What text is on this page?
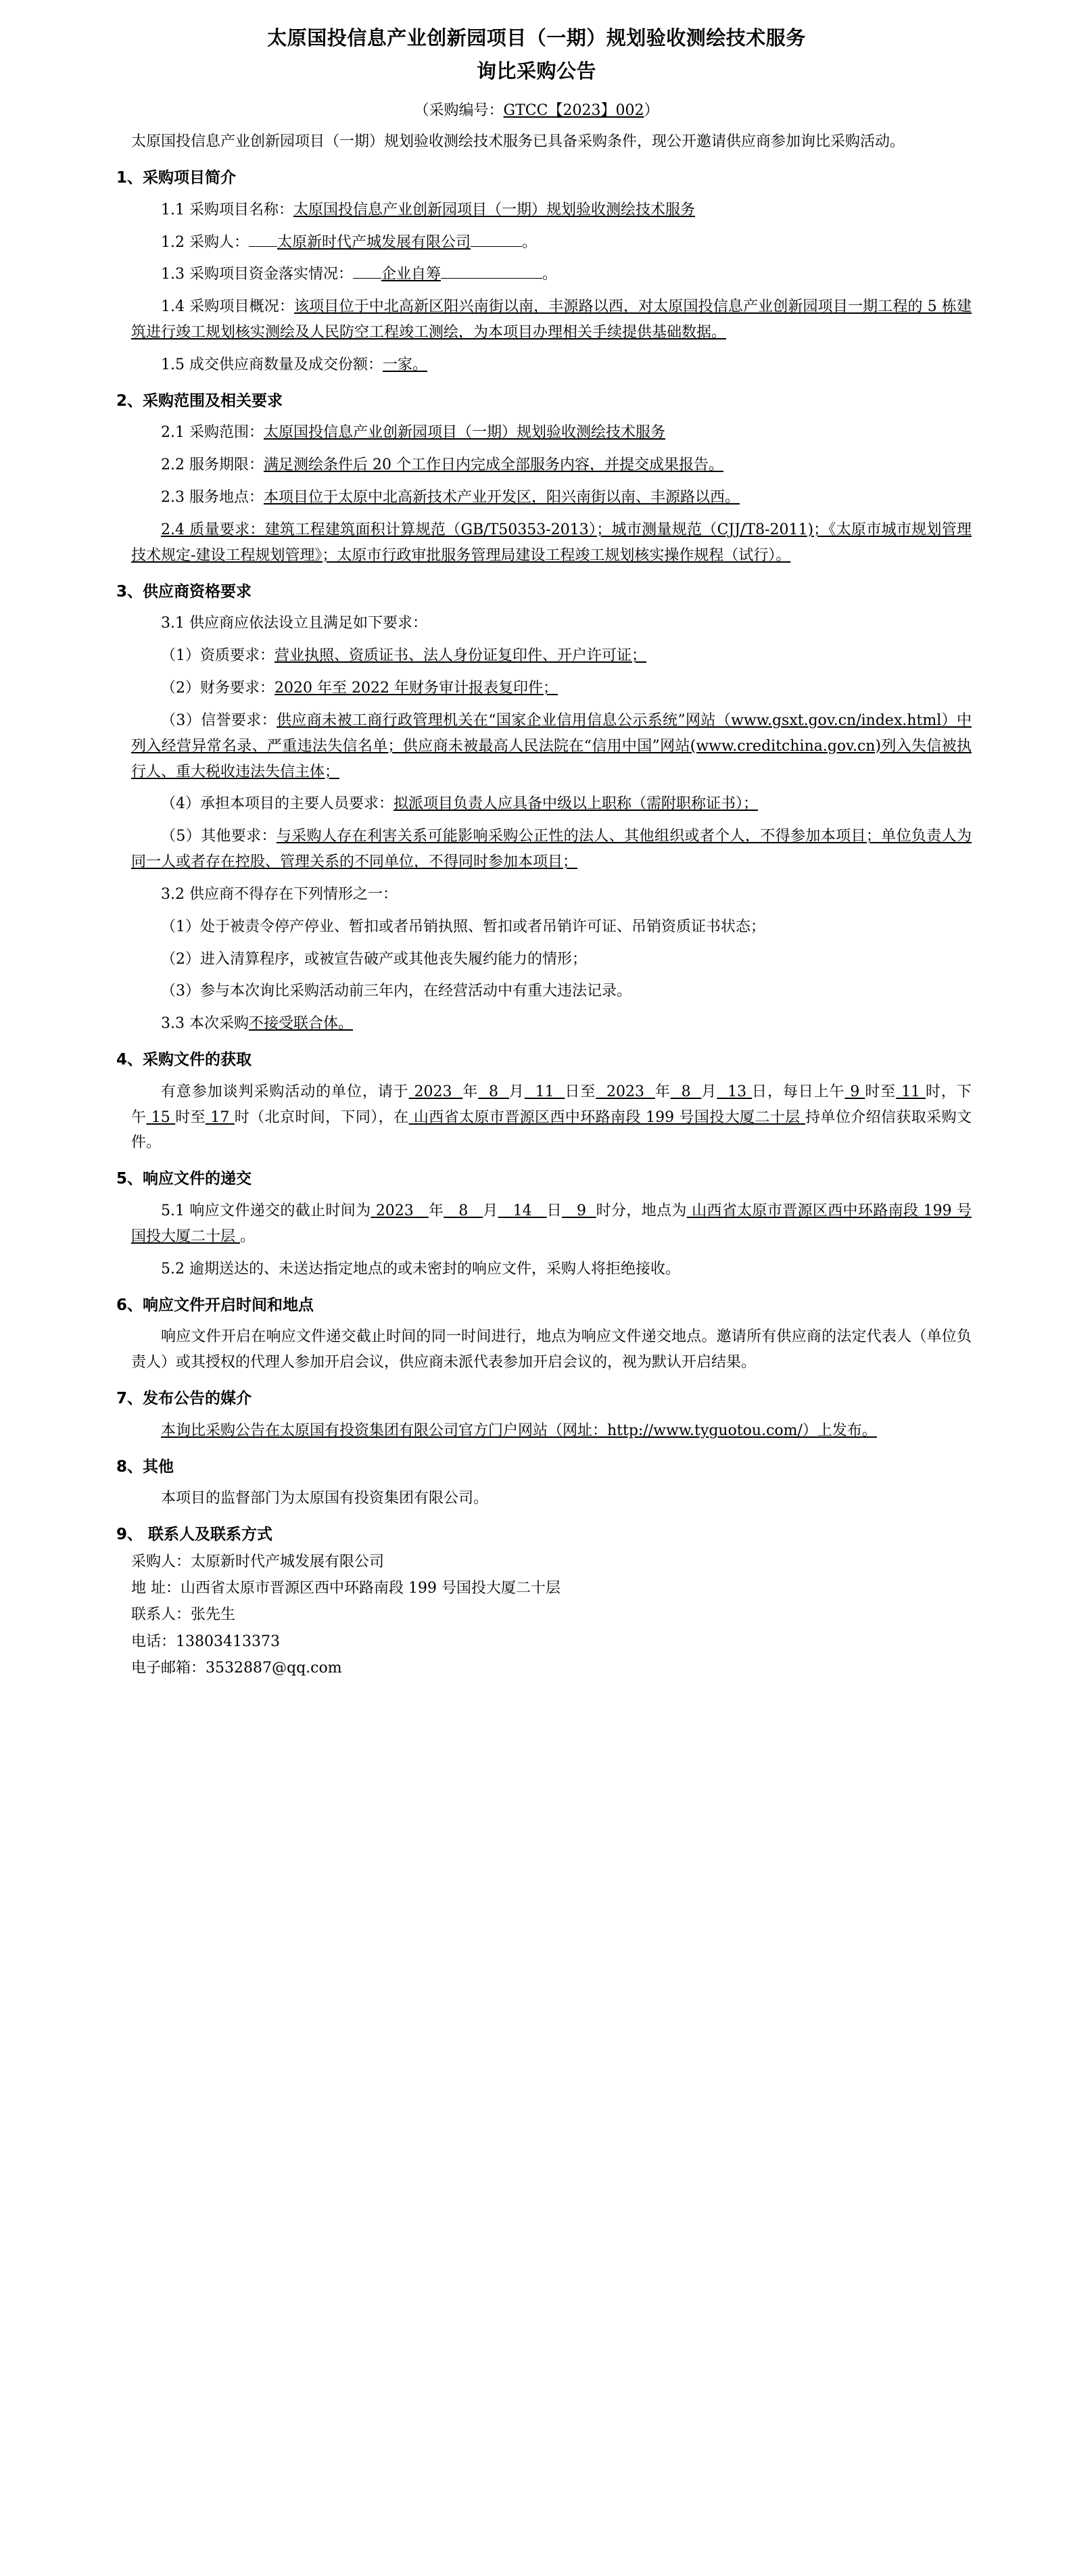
太原国投信息产业创新园项目（一期）规划验收测绘技术服务
询比采购公告
（采购编号：GTCC【2023】002）

太原国投信息产业创新园项目（一期）规划验收测绘技术服务已具备采购条件，现公开邀请供应商参加询比采购活动。

1、采购项目简介

1.1 采购项目名称：太原国投信息产业创新园项目（一期）规划验收测绘技术服务

1.2 采购人： 太原新时代产城发展有限公司	。

1.3 采购项目资金落实情况： 企业自筹	。

1.4 采购项目概况：该项目位于中北高新区阳兴南街以南，丰源路以西，对太原国投信息产业创新园项目一期工程的 5 栋建筑进行竣工规划核实测绘及人民防空工程竣工测绘，为本项目办理相关手续提供基础数据。

1.5 成交供应商数量及成交份额：一家。

2、采购范围及相关要求

2.1 采购范围：太原国投信息产业创新园项目（一期）规划验收测绘技术服务

2.2 服务期限：满足测绘条件后 20 个工作日内完成全部服务内容，并提交成果报告。

2.3 服务地点：本项目位于太原中北高新技术产业开发区，阳兴南街以南、丰源路以西。

2.4 质量要求：建筑工程建筑面积计算规范（GB/T50353-2013）；城市测量规范（CJJ/T8-2011)；《太原市城市规划管理技术规定-建设工程规划管理》；太原市行政审批服务管理局建设工程竣工规划核实操作规程（试行）。

3、供应商资格要求

3.1 供应商应依法设立且满足如下要求：

（1）资质要求：营业执照、资质证书、法人身份证复印件、开户许可证；

（2）财务要求：2020 年至 2022 年财务审计报表复印件；

（3）信誉要求：供应商未被工商行政管理机关在“国家企业信用信息公示系统”网站（www.gsxt.gov.cn/index.html）中列入经营异常名录、严重违法失信名单；供应商未被最高人民法院在“信用中国”网站(www.creditchina.gov.cn)列入失信被执行人、重大税收违法失信主体；

（4）承担本项目的主要人员要求：拟派项目负责人应具备中级以上职称（需附职称证书）；

（5）其他要求：与采购人存在利害关系可能影响采购公正性的法人、其他组织或者个人，不得参加本项目；单位负责人为同一人或者存在控股、管理关系的不同单位，不得同时参加本项目；

3.2 供应商不得存在下列情形之一：

（1）处于被责令停产停业、暂扣或者吊销执照、暂扣或者吊销许可证、吊销资质证书状态；

（2）进入清算程序，或被宣告破产或其他丧失履约能力的情形；

（3）参与本次询比采购活动前三年内，在经营活动中有重大违法记录。

3.3 本次采购不接受联合体。

4、采购文件的获取

有意参加谈判采购活动的单位，请于 2023 年 8 月 11 日至 2023 年 8 月 13 日，每日上午 9 时至 11 时，下午 15 时至 17 时（北京时间，下同），在 山西省太原市晋源区西中环路南段 199 号国投大厦二十层 持单位介绍信获取采购文件。

5、响应文件的递交

5.1 响应文件递交的截止时间为 2023 年 8 月 14 日 9 时分，地点为 山西省太原市晋源区西中环路南段 199 号国投大厦二十层 。

5.2 逾期送达的、未送达指定地点的或未密封的响应文件，采购人将拒绝接收。

6、响应文件开启时间和地点

响应文件开启在响应文件递交截止时间的同一时间进行，地点为响应文件递交地点。邀请所有供应商的法定代表人（单位负责人）或其授权的代理人参加开启会议，供应商未派代表参加开启会议的，视为默认开启结果。

7、发布公告的媒介

本询比采购公告在太原国有投资集团有限公司官方门户网站（网址：http://www.tyguotou.com/）上发布。

8、其他

本项目的监督部门为太原国有投资集团有限公司。

9、 联系人及联系方式

采购人：太原新时代产城发展有限公司

地 址：山西省太原市晋源区西中环路南段 199 号国投大厦二十层

联系人：张先生

电话：13803413373

电子邮箱：3532887@qq.com
